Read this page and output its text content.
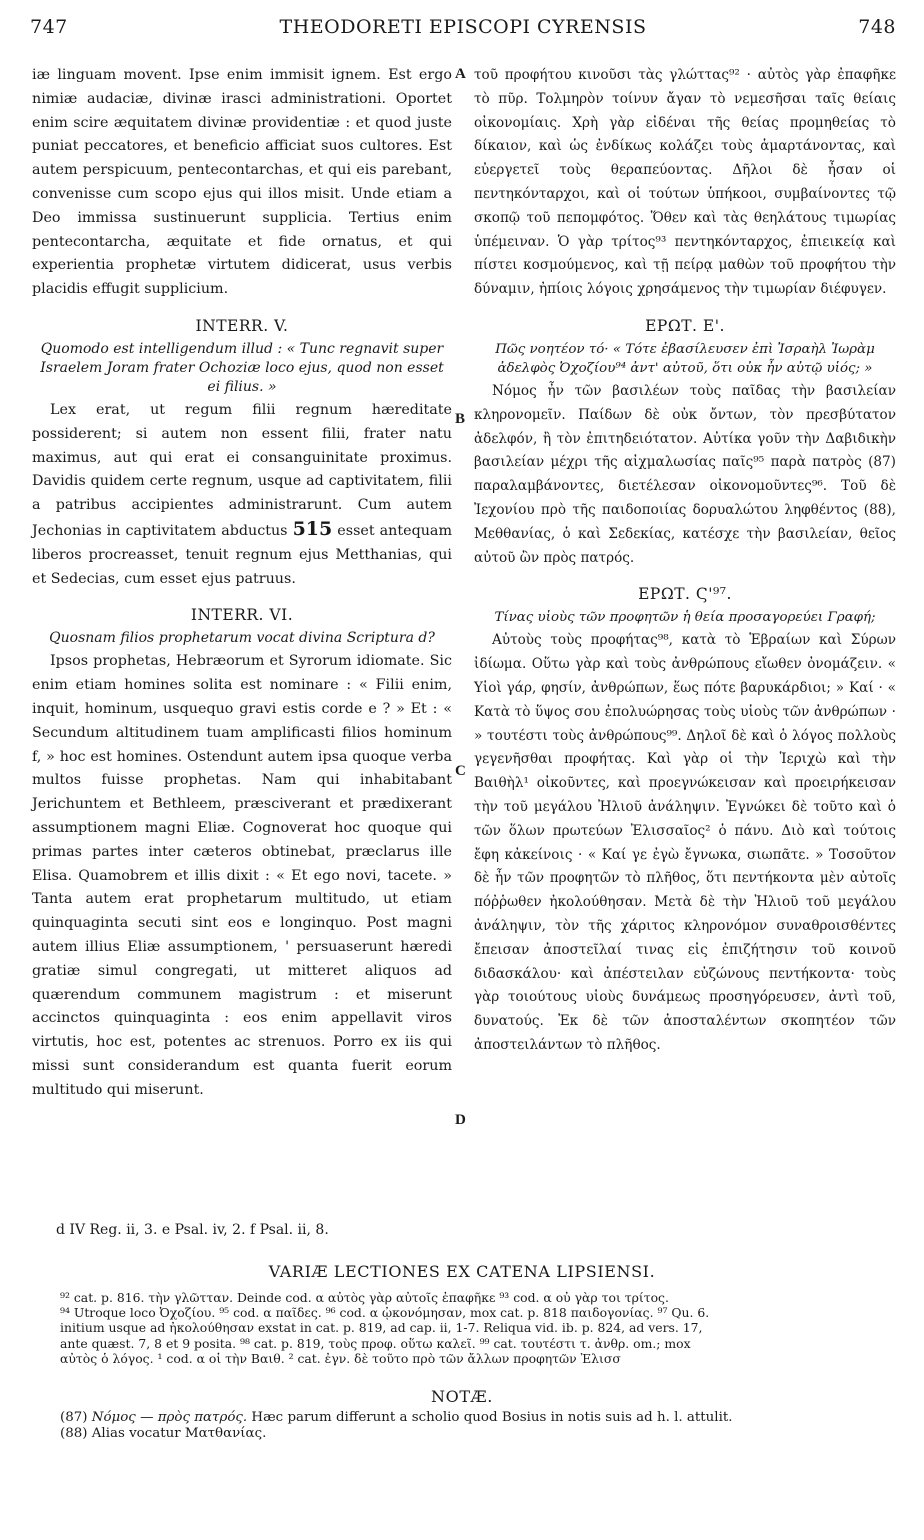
747	THEODORETI EPISCOPI CYRENSIS	748
A
B
C
D

iæ linguam movent. Ipse enim immisit ignem. Est ergo nimiæ audaciæ, divinæ irasci administrationi. Oportet enim scire æquitatem divinæ providentiæ : et quod juste puniat peccatores, et beneficio afficiat suos cultores. Est autem perspicuum, pentecontarchas, et qui eis parebant, convenisse cum scopo ejus qui illos misit. Unde etiam a Deo immissa sustinuerunt supplicia. Tertius enim pentecontarcha, æquitate et fide ornatus, et qui experientia prophetæ virtutem didicerat, usus verbis placidis effugit supplicium.

INTERR. V.
Quomodo est intelligendum illud : « Tunc regnavit super Israelem Joram frater Ochoziæ loco ejus, quod non esset ei filius. »

Lex erat, ut regum filii regnum hæreditate possiderent; si autem non essent filii, frater natu maximus, aut qui erat ei consanguinitate proximus. Davidis quidem certe regnum, usque ad captivitatem, filii a patribus accipientes administrarunt. Cum autem Jechonias in captivitatem abductus 515 esset antequam liberos procreasset, tenuit regnum ejus Metthanias, qui et Sedecias, cum esset ejus patruus.

INTERR. VI.
Quosnam filios prophetarum vocat divina Scriptura d?

Ipsos prophetas, Hebræorum et Syrorum idiomate. Sic enim etiam homines solita est nominare : « Filii enim, inquit, hominum, usquequo gravi estis corde e ? » Et : « Secundum altitudinem tuam amplificasti filios hominum f, » hoc est homines. Ostendunt autem ipsa quoque verba multos fuisse prophetas. Nam qui inhabitabant Jerichuntem et Bethleem, præsciverant et prædixerant assumptionem magni Eliæ. Cognoverat hoc quoque qui primas partes inter cæteros obtinebat, præclarus ille Elisa. Quamobrem et illis dixit : « Et ego novi, tacete. » Tanta autem erat prophetarum multitudo, ut etiam quinquaginta secuti sint eos e longinquo. Post magni autem illius Eliæ assumptionem, ' persuaserunt hæredi gratiæ simul congregati, ut mitteret aliquos ad quærendum communem magistrum : et miserunt accinctos quinquaginta : eos enim appellavit viros virtutis, hoc est, potentes ac strenuos. Porro ex iis qui missi sunt considerandum est quanta fuerit eorum multitudo qui miserunt.

τοῦ προφήτου κινοῦσι τὰς γλώττας⁹² · αὐτὸς γὰρ ἐπαφῆκε τὸ πῦρ. Τολμηρὸν τοίνυν ἄγαν τὸ νεμεσῆσαι ταῖς θείαις οἰκονομίαις. Χρὴ γὰρ εἰδέναι τῆς θείας προμηθείας τὸ δίκαιον, καὶ ὡς ἐνδίκως κολάζει τοὺς ἁμαρτάνοντας, καὶ εὐεργετεῖ τοὺς θεραπεύοντας. Δῆλοι δὲ ἦσαν οἱ πεντηκόνταρχοι, καὶ οἱ τούτων ὑπήκοοι, συμβαίνοντες τῷ σκοπῷ τοῦ πεπομφότος. Ὅθεν καὶ τὰς θεηλάτους τιμωρίας ὑπέμειναν. Ὁ γὰρ τρίτος⁹³ πεντηκόνταρχος, ἐπιεικείᾳ καὶ πίστει κοσμούμενος, καὶ τῇ πείρᾳ μαθὼν τοῦ προφήτου τὴν δύναμιν, ἠπίοις λόγοις χρησάμενος τὴν τιμωρίαν διέφυγεν.

ΕΡΩΤ. Ε'.
Πῶς νοητέον τό· « Τότε ἐβασίλευσεν ἐπὶ Ἰσραὴλ Ἰωρὰμ ἀδελφὸς Ὀχοζίου⁹⁴ ἀντ' αὐτοῦ, ὅτι οὐκ ἦν αὐτῷ υἱός; »

Νόμος ἦν τῶν βασιλέων τοὺς παῖδας τὴν βασιλείαν κληρονομεῖν. Παίδων δὲ οὐκ ὄντων, τὸν πρεσβύτατον ἀδελφόν, ἢ τὸν ἐπιτηδειότατον. Αὐτίκα γοῦν τὴν Δαβιδικὴν βασιλείαν μέχρι τῆς αἰχμαλωσίας παῖς⁹⁵ παρὰ πατρὸς (87) παραλαμβάνοντες, διετέλεσαν οἰκονομοῦντες⁹⁶. Τοῦ δὲ Ἰεχονίου πρὸ τῆς παιδοποιίας δορυαλώτου ληφθέντος (88), Μεθθανίας, ὁ καὶ Σεδεκίας, κατέσχε τὴν βασιλείαν, θεῖος αὐτοῦ ὢν πρὸς πατρός.

ΕΡΩΤ. Ϛ'⁹⁷.
Τίνας υἱοὺς τῶν προφητῶν ἡ θεία προσαγορεύει Γραφή;

Αὐτοὺς τοὺς προφήτας⁹⁸, κατὰ τὸ Ἑβραίων καὶ Σύρων ἰδίωμα. Οὕτω γὰρ καὶ τοὺς ἀνθρώπους εἴωθεν ὀνομάζειν. « Υἱοὶ γάρ, φησίν, ἀνθρώπων, ἕως πότε βαρυκάρδιοι; » Καί · « Κατὰ τὸ ὕψος σου ἐπολυώρησας τοὺς υἱοὺς τῶν ἀνθρώπων · » τουτέστι τοὺς ἀνθρώπους⁹⁹. Δηλοῖ δὲ καὶ ὁ λόγος πολλοὺς γεγενῆσθαι προφήτας. Καὶ γὰρ οἱ τὴν Ἱεριχὼ καὶ τὴν Βαιθὴλ¹ οἰκοῦντες, καὶ προεγνώκεισαν καὶ προειρήκεισαν τὴν τοῦ μεγάλου Ἠλιοῦ ἀνάληψιν. Ἐγνώκει δὲ τοῦτο καὶ ὁ τῶν ὅλων πρωτεύων Ἐλισσαῖος² ὁ πάνυ. Διὸ καὶ τούτοις ἔφη κἀκείνοις · « Καί γε ἐγὼ ἔγνωκα, σιωπᾶτε. » Τοσοῦτον δὲ ἦν τῶν προφητῶν τὸ πλῆθος, ὅτι πεντήκοντα μὲν αὐτοῖς πόῤῥωθεν ἠκολούθησαν. Μετὰ δὲ τὴν Ἠλιοῦ τοῦ μεγάλου ἀνάληψιν, τὸν τῆς χάριτος κληρονόμον συναθροισθέντες ἔπεισαν ἀποστεῖλαί τινας εἰς ἐπιζήτησιν τοῦ κοινοῦ διδασκάλου· καὶ ἀπέστειλαν εὐζώνους πεντήκοντα· τοὺς γὰρ τοιούτους υἱοὺς δυνάμεως προσηγόρευσεν, ἀντὶ τοῦ, δυνατούς. Ἐκ δὲ τῶν ἀποσταλέντων σκοπητέον τῶν ἀποστειλάντων τὸ πλῆθος.

d IV Reg. ii, 3. e Psal. iv, 2. f Psal. ii, 8.
VARIÆ LECTIONES EX CATENA LIPSIENSI.
⁹² cat. p. 816. τὴν γλῶτταν. Deinde cod. α αὐτὸς γὰρ αὐτοῖς ἐπαφῆκε ⁹³ cod. α οὐ γὰρ τοι τρίτος.
⁹⁴ Utroque loco Ὀχοζίου. ⁹⁵ cod. α παῖδες. ⁹⁶ cod. α ᾠκονόμησαν, mox cat. p. 818 παιδογονίας. ⁹⁷ Qu. 6.
initium usque ad ἠκολούθησαν exstat in cat. p. 819, ad cap. ii, 1-7. Reliqua vid. ib. p. 824, ad vers. 17,
ante quæst. 7, 8 et 9 posita. ⁹⁸ cat. p. 819, τοὺς προφ. οὕτω καλεῖ. ⁹⁹ cat. τουτέστι τ. ἀνθρ. om.; mox
αὐτὸς ὁ λόγος. ¹ cod. α οἱ τὴν Βαιθ. ² cat. ἐγν. δὲ τοῦτο πρὸ τῶν ἄλλων προφητῶν Ἐλισσ
NOTÆ.
(87) Νόμος — πρὸς πατρός. Hæc parum differunt a scholio quod Bosius in notis suis ad h. l. attulit.
(88) Alias vocatur Ματθανίας.
